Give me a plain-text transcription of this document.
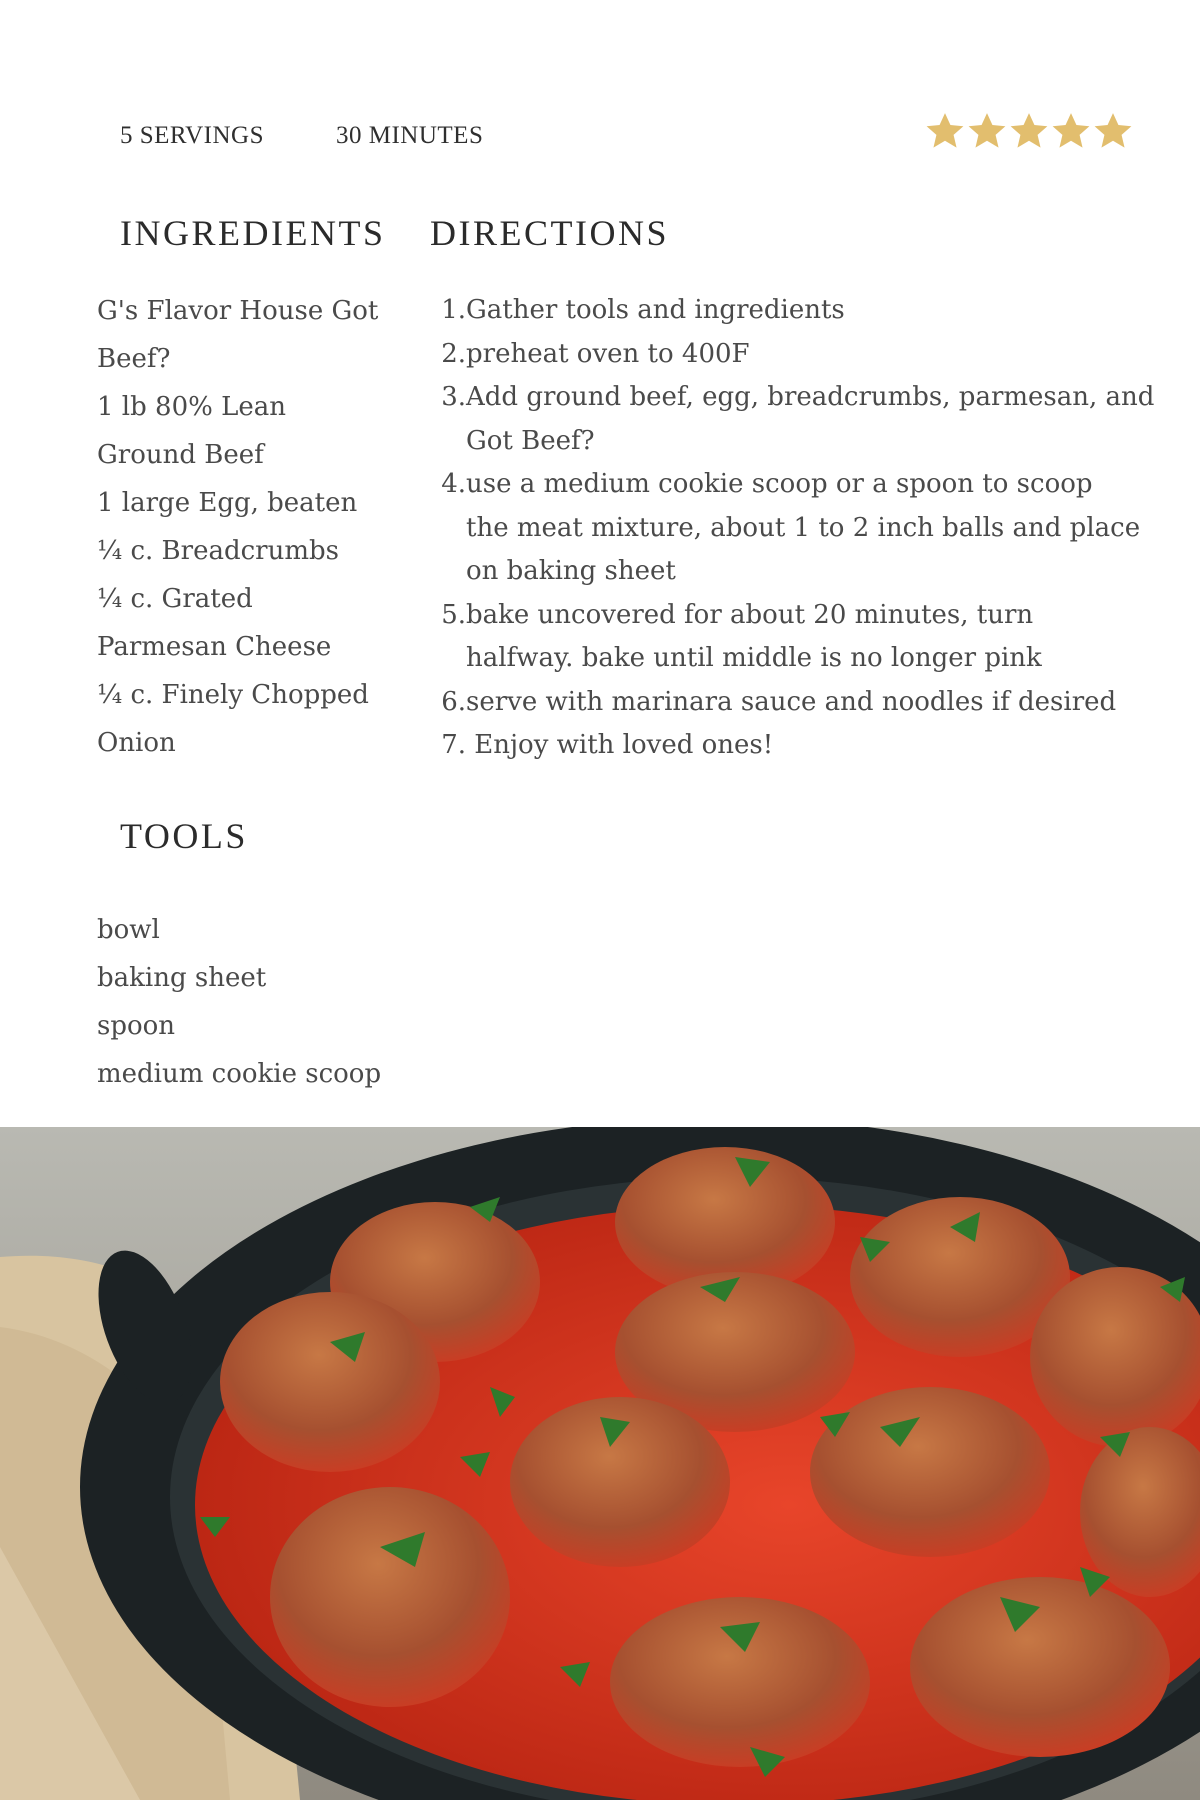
5 SERVINGS	30 MINUTES
INGREDIENTS DIRECTIONS
G's Flavor House Got
Beef?
1 lb 80% Lean
Ground Beef
1 large Egg, beaten
¼ c. Breadcrumbs
¼ c. Grated
Parmesan Cheese
¼ c. Finely Chopped
Onion
1. Gather tools and ingredients
2. preheat oven to 400F
3. Add ground beef, egg, breadcrumbs, parmesan, and
Got Beef?
4. use a medium cookie scoop or a spoon to scoop
the meat mixture, about 1 to 2 inch balls and place
on baking sheet
5. bake uncovered for about 20 minutes, turn
halfway. bake until middle is no longer pink
6. serve with marinara sauce and noodles if desired
7. Enjoy with loved ones!
TOOLS
bowl
baking sheet
spoon
medium cookie scoop
